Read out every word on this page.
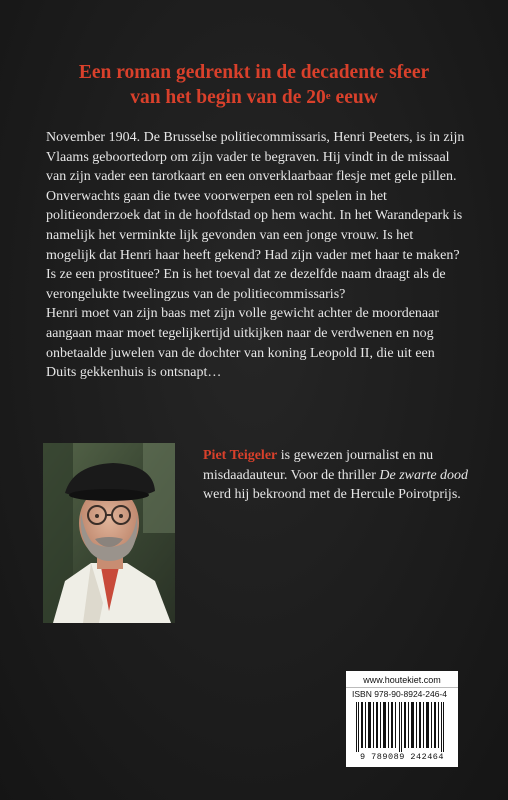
Een roman gedrenkt in de decadente sfeer
van het begin van de 20e eeuw

November 1904. De Brusselse politiecommissaris, Henri Peeters, is in zijn Vlaams geboortedorp om zijn vader te begraven. Hij vindt in de missaal van zijn vader een tarotkaart en een onverklaarbaar flesje met gele pillen. Onverwachts gaan die twee voorwerpen een rol spelen in het politieonderzoek dat in de hoofdstad op hem wacht. In het Warandepark is namelijk het verminkte lijk gevonden van een jonge vrouw. Is het mogelijk dat Henri haar heeft gekend? Had zijn vader met haar te maken? Is ze een prostituee? En is het toeval dat ze dezelfde naam draagt als de verongelukte tweelingzus van de politiecommissaris?

Henri moet van zijn baas met zijn volle gewicht achter de moordenaar aangaan maar moet tegelijkertijd uitkijken naar de verdwenen en nog onbetaalde juwelen van de dochter van koning Leopold II, die uit een Duits gekkenhuis is ontsnapt…

Piet Teigeler is gewezen journalist en nu misdaadauteur. Voor de thriller De zwarte dood werd hij bekroond met de Hercule Poirotprijs.
www.houtekiet.com
ISBN 978-90-8924-246-4
9 789089 242464
